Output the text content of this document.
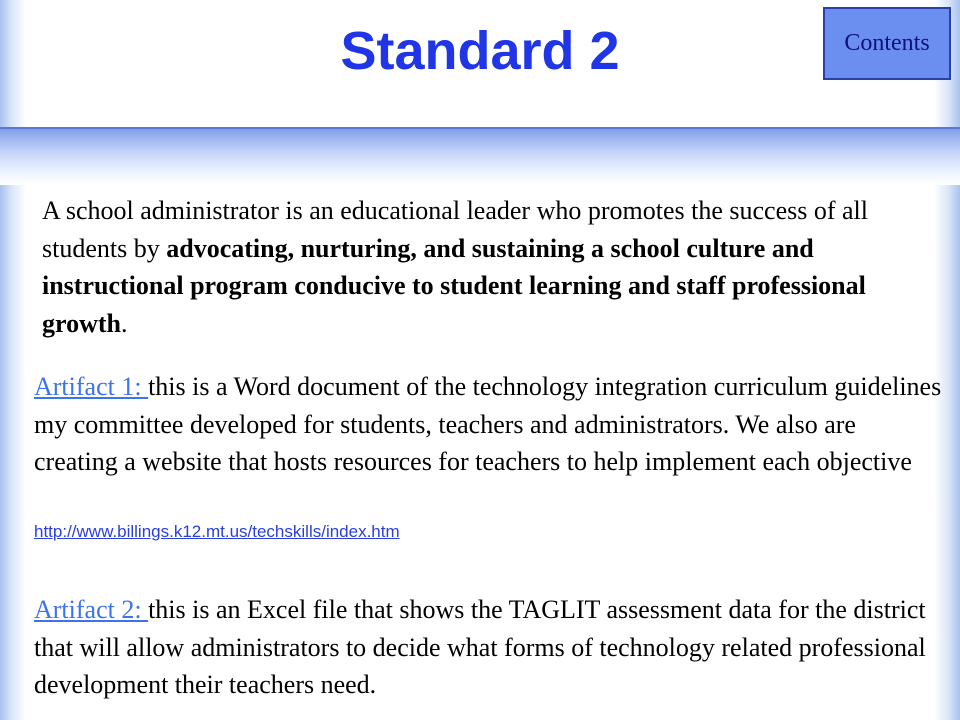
Standard 2	Contents

A school administrator is an educational leader who promotes the success of all students by advocating, nurturing, and sustaining a school culture and instructional program conducive to student learning and staff professional growth.

Artifact 1: this is a Word document of the technology integration curriculum guidelines my committee developed for students, teachers and administrators. We also are creating a website that hosts resources for teachers to help implement each objective

http://www.billings.k12.mt.us/techskills/index.htm

Artifact 2: this is an Excel file that shows the TAGLIT assessment data for the district that will allow administrators to decide what forms of technology related professional development their teachers need.
